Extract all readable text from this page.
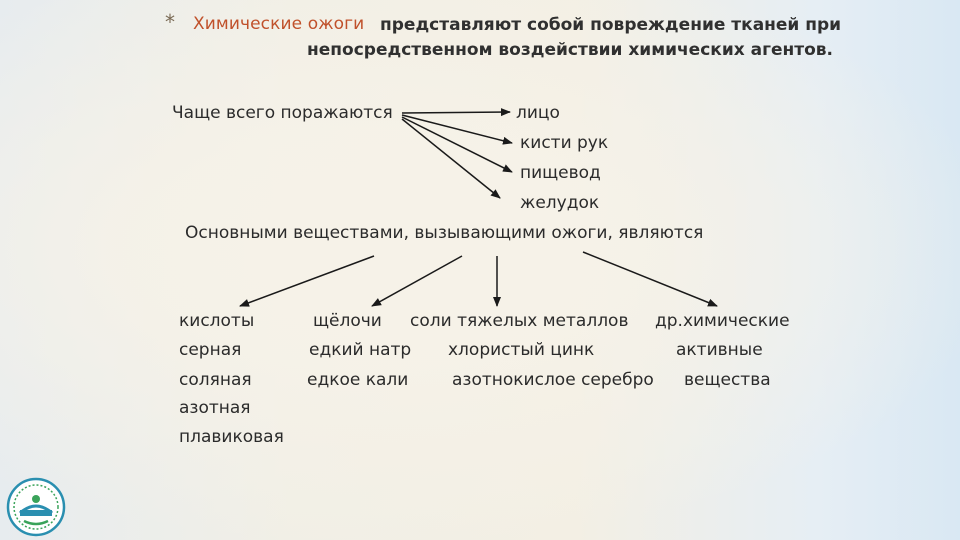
* Химические ожоги представляют собой повреждение тканей при
непосредственном воздействии химических агентов.
Чаще всего поражаются	лицо
кисти рук
пищевод
желудок
Основными веществами, вызывающими ожоги, являются
кислоты
серная
соляная
азотная
плавиковая
щёлочи
едкий натр
едкое кали
соли тяжелых металлов
хлористый цинк
азотнокислое серебро
др.химические
активные
вещества
